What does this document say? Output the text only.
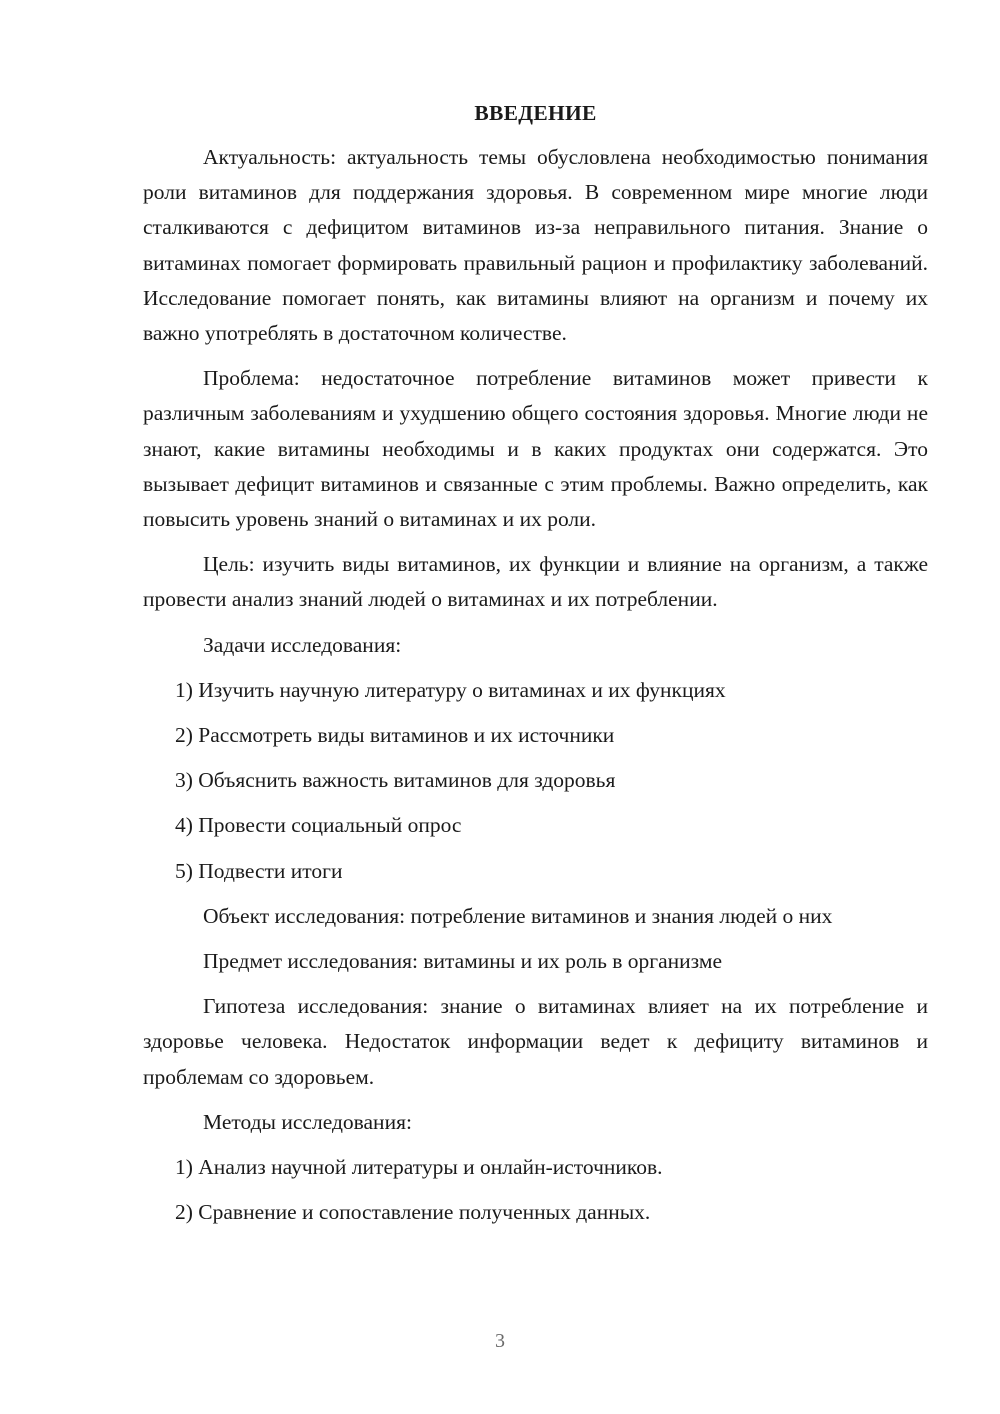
ВВЕДЕНИЕ
Актуальность: актуальность темы обусловлена необходимостью понимания роли витаминов для поддержания здоровья. В современном мире многие люди сталкиваются с дефицитом витаминов из-за неправильного питания. Знание о витаминах помогает формировать правильный рацион и профилактику заболеваний. Исследование помогает понять, как витамины влияют на организм и почему их важно употреблять в достаточном количестве.
Проблема: недостаточное потребление витаминов может привести к различным заболеваниям и ухудшению общего состояния здоровья. Многие люди не знают, какие витамины необходимы и в каких продуктах они содержатся. Это вызывает дефицит витаминов и связанные с этим проблемы. Важно определить, как повысить уровень знаний о витаминах и их роли.
Цель: изучить виды витаминов, их функции и влияние на организм, а также провести анализ знаний людей о витаминах и их потреблении.
Задачи исследования:
1) Изучить научную литературу о витаминах и их функциях
2) Рассмотреть виды витаминов и их источники
3) Объяснить важность витаминов для здоровья
4) Провести социальный опрос
5) Подвести итоги
Объект исследования: потребление витаминов и знания людей о них
Предмет исследования: витамины и их роль в организме
Гипотеза исследования: знание о витаминах влияет на их потребление и здоровье человека. Недостаток информации ведет к дефициту витаминов и проблемам со здоровьем.
Методы исследования:
1) Анализ научной литературы и онлайн-источников.
2) Сравнение и сопоставление полученных данных.
3
